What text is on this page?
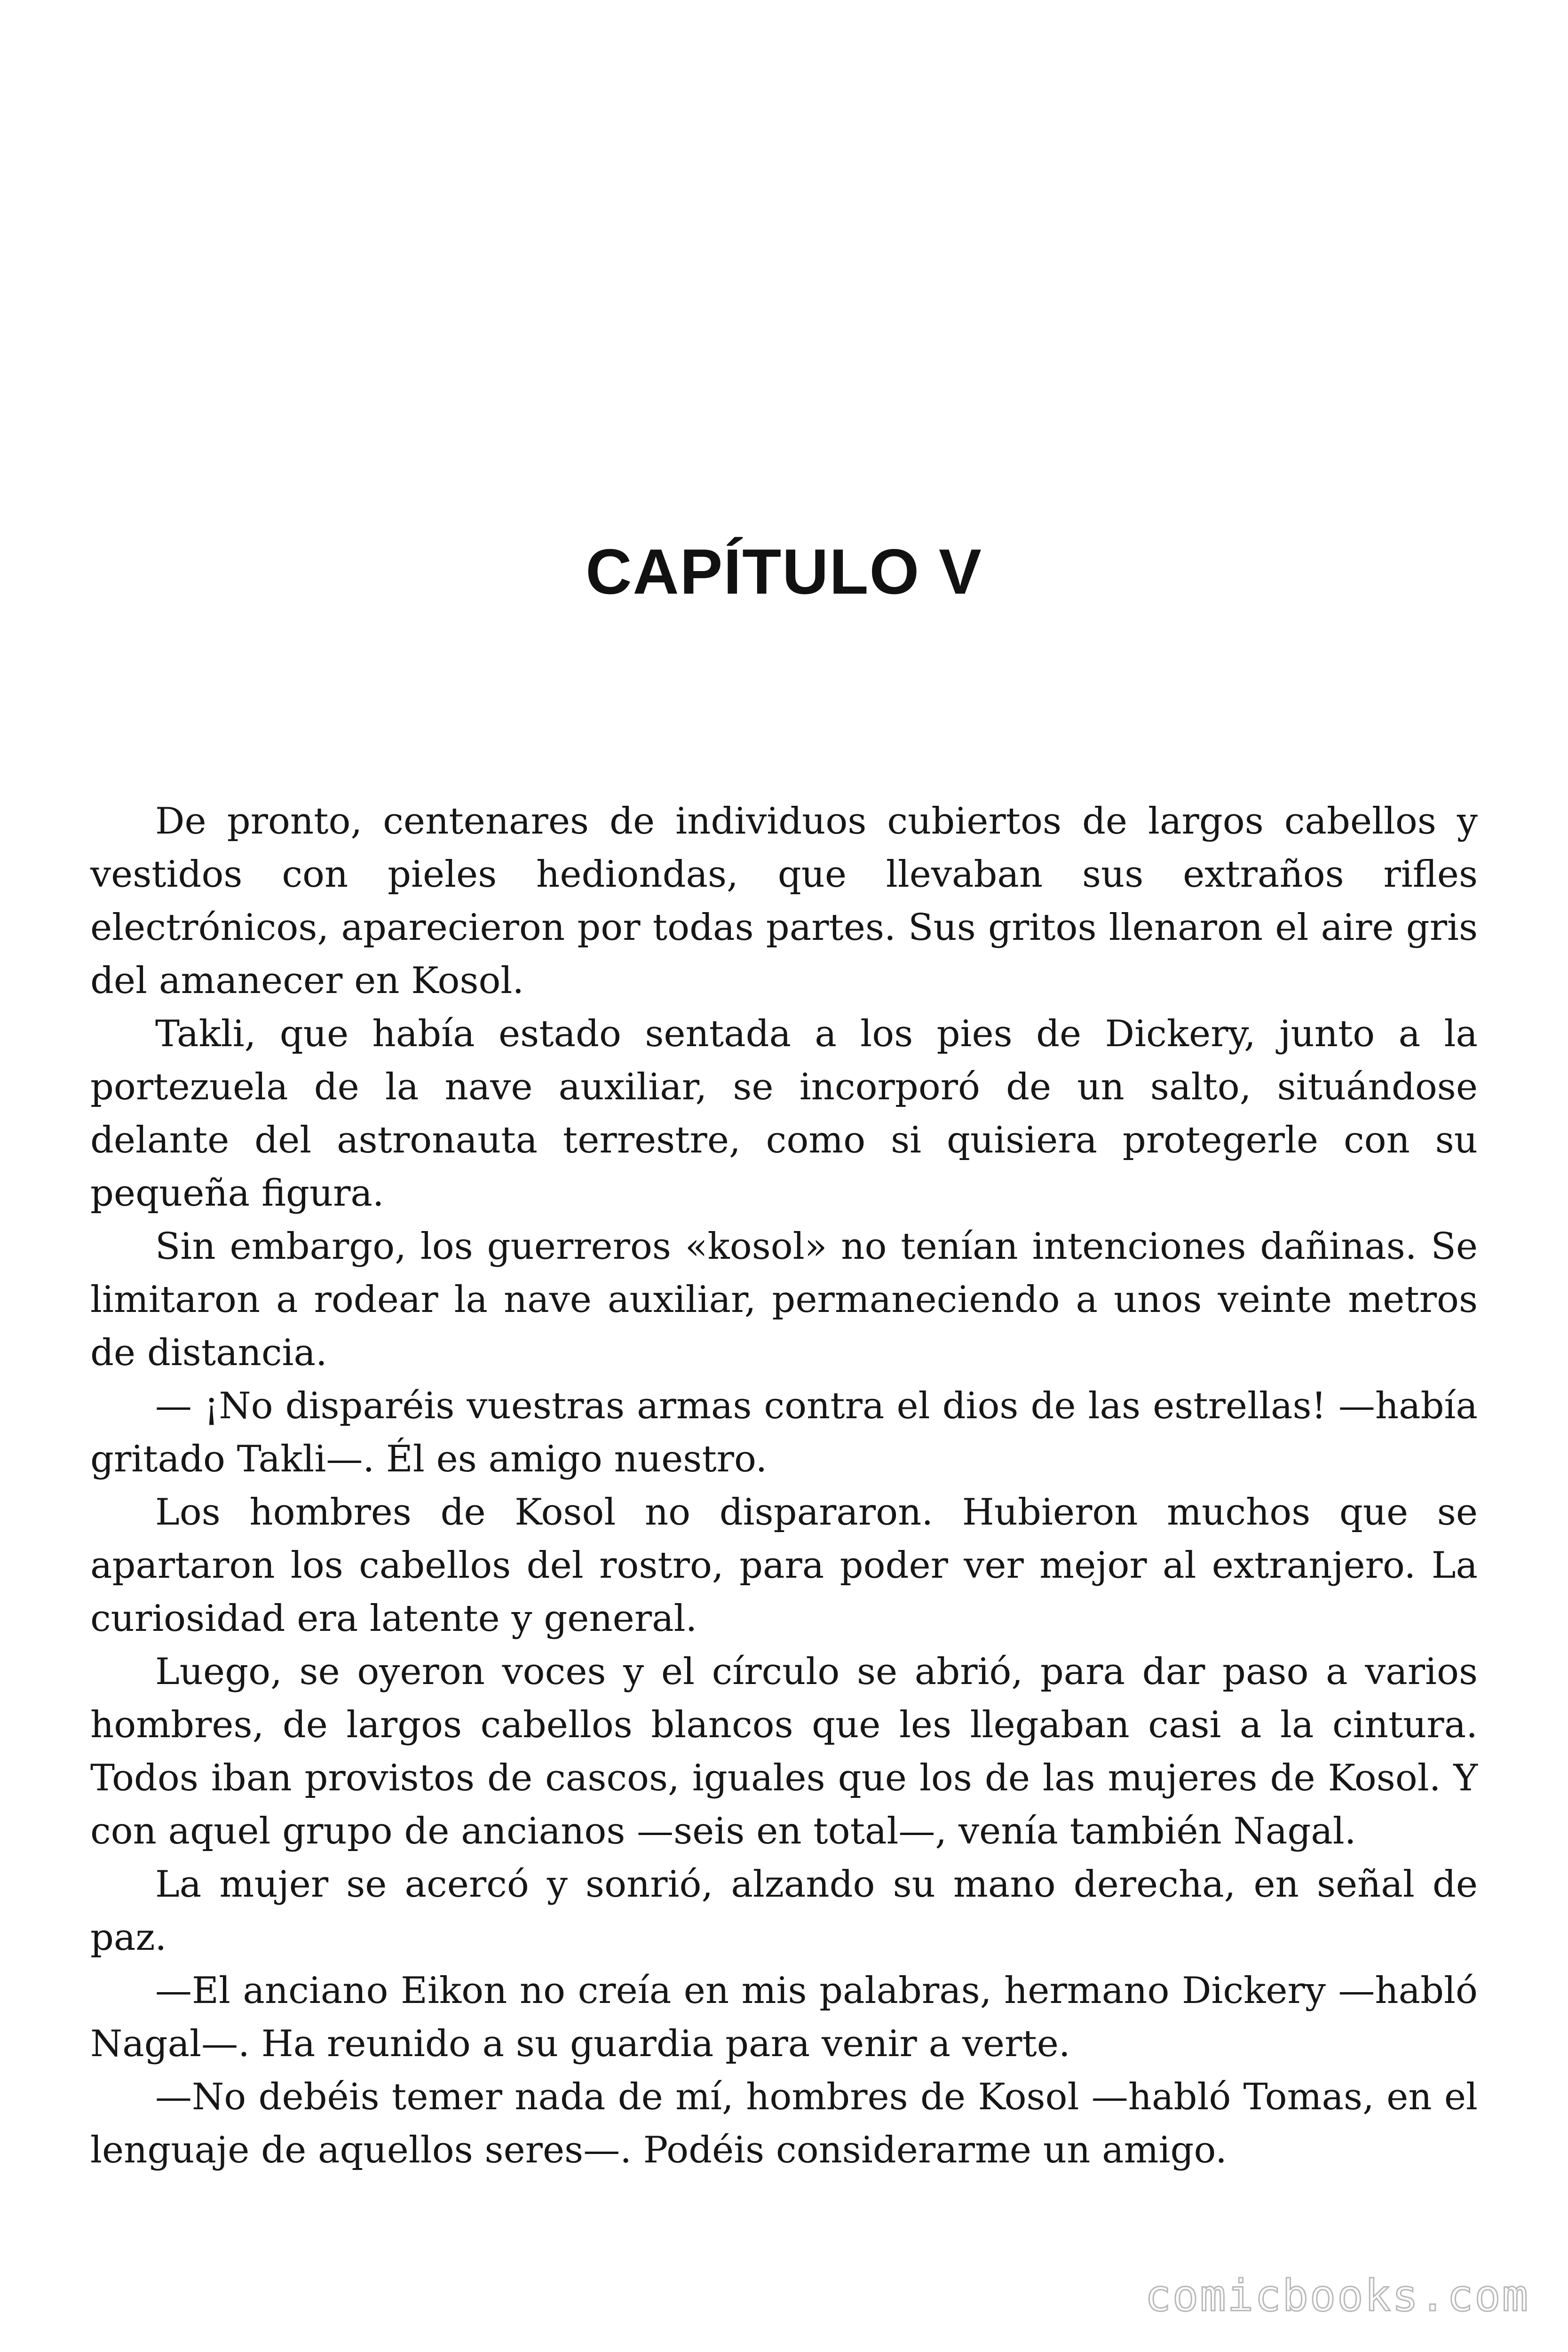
CAPÍTULO V

De pronto, centenares de individuos cubiertos de largos cabellos y vestidos con pieles hediondas, que llevaban sus extraños rifles electrónicos, aparecieron por todas partes. Sus gritos llenaron el aire gris del amanecer en Kosol.

Takli, que había estado sentada a los pies de Dickery, junto a la portezuela de la nave auxiliar, se incorporó de un salto, situándose delante del astronauta terrestre, como si quisiera protegerle con su pequeña figura.

Sin embargo, los guerreros «kosol» no tenían intenciones dañinas. Se limitaron a rodear la nave auxiliar, permaneciendo a unos veinte metros de distancia.

— ¡No disparéis vuestras armas contra el dios de las estrellas! —había gritado Takli—. Él es amigo nuestro.

Los hombres de Kosol no dispararon. Hubieron muchos que se apartaron los cabellos del rostro, para poder ver mejor al extranjero. La curiosidad era latente y general.

Luego, se oyeron voces y el círculo se abrió, para dar paso a varios hombres, de largos cabellos blancos que les llegaban casi a la cintura. Todos iban provistos de cascos, iguales que los de las mujeres de Kosol. Y con aquel grupo de ancianos —seis en total—, venía también Nagal.

La mujer se acercó y sonrió, alzando su mano derecha, en señal de paz.

—El anciano Eikon no creía en mis palabras, hermano Dickery —habló Nagal—. Ha reunido a su guardia para venir a verte.

—No debéis temer nada de mí, hombres de Kosol —habló Tomas, en el lenguaje de aquellos seres—. Podéis considerarme un amigo.

comicbooks.com
